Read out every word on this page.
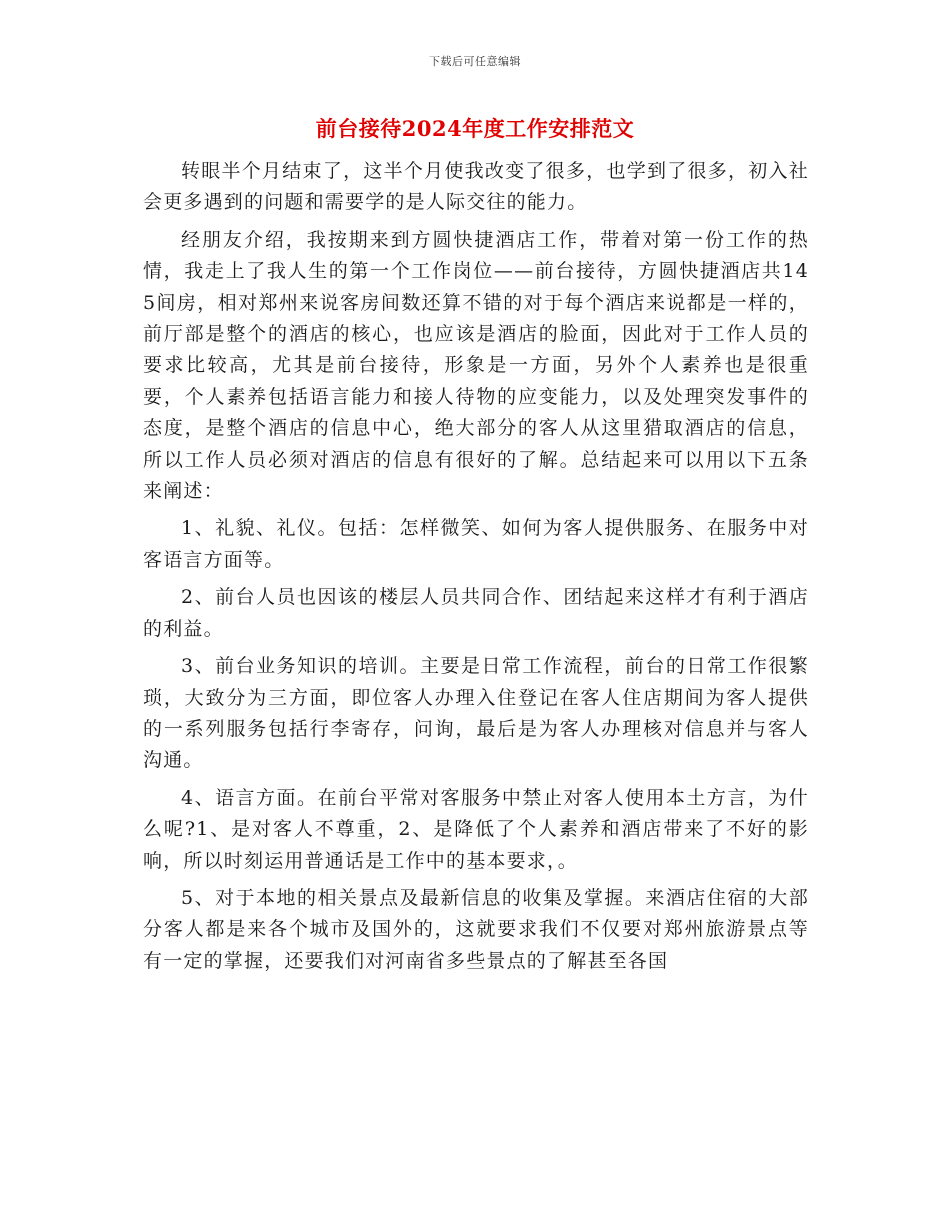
下载后可任意编辑
前台接待2024年度工作安排范文

转眼半个月结束了，这半个月使我改变了很多，也学到了很多，初入社会更多遇到的问题和需要学的是人际交往的能力。

经朋友介绍，我按期来到方圆快捷酒店工作，带着对第一份工作的热情，我走上了我人生的第一个工作岗位——前台接待，方圆快捷酒店共145间房，相对郑州来说客房间数还算不错的对于每个酒店来说都是一样的，前厅部是整个的酒店的核心，也应该是酒店的脸面，因此对于工作人员的要求比较高，尤其是前台接待，形象是一方面，另外个人素养也是很重要，个人素养包括语言能力和接人待物的应变能力，以及处理突发事件的态度，是整个酒店的信息中心，绝大部分的客人从这里猎取酒店的信息，所以工作人员必须对酒店的信息有很好的了解。总结起来可以用以下五条来阐述：

1、礼貌、礼仪。包括：怎样微笑、如何为客人提供服务、在服务中对客语言方面等。

2、前台人员也因该的楼层人员共同合作、团结起来这样才有利于酒店的利益。

3、前台业务知识的培训。主要是日常工作流程，前台的日常工作很繁琐，大致分为三方面，即位客人办理入住登记在客人住店期间为客人提供的一系列服务包括行李寄存，问询，最后是为客人办理核对信息并与客人沟通。

4、语言方面。在前台平常对客服务中禁止对客人使用本土方言，为什么呢?1、是对客人不尊重，2、是降低了个人素养和酒店带来了不好的影响，所以时刻运用普通话是工作中的基本要求，。

5、对于本地的相关景点及最新信息的收集及掌握。来酒店住宿的大部分客人都是来各个城市及国外的，这就要求我们不仅要对郑州旅游景点等有一定的掌握，还要我们对河南省多些景点的了解甚至各国
